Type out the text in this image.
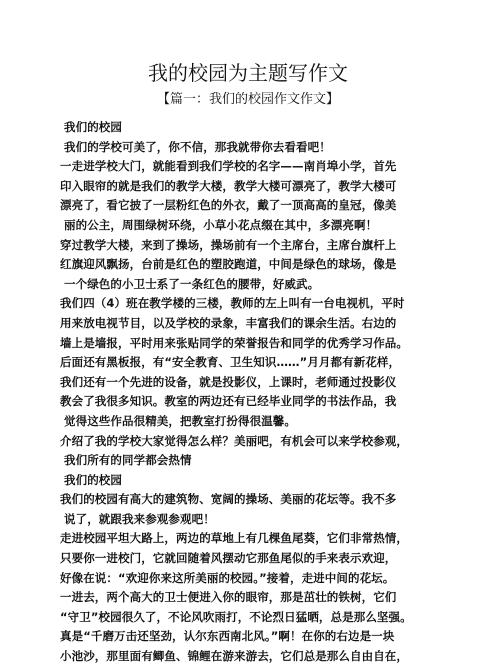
我的校园为主题写作文
【篇一：我们的校园作文作文】
我们的校园
我们的学校可美了，你不信，那我就带你去看看吧！
一走进学校大门，就能看到我们学校的名字——南肖埠小学，首先
印入眼帘的就是我们的教学大楼，教学大楼可漂亮了，教学大楼可
漂亮了，看它披了一层粉红色的外衣，戴了一顶高高的皇冠，像美
丽的公主，周围绿树环绕，小草小花点缀在其中，多漂亮啊！
穿过教学大楼，来到了操场，操场前有一个主席台，主席台旗杆上
红旗迎风飘扬，台前是红色的塑胶跑道，中间是绿色的球场，像是
一个绿色的小卫士系了一条红色的腰带，好威武。
我们四（4）班在教学楼的三楼，教师的左上叫有一台电视机，平时
用来放电视节目，以及学校的录象，丰富我们的课余生活。右边的
墙上是墙报，平时用来张贴同学的荣誉报告和同学的优秀学习作品。
后面还有黑板报，有“安全教育、卫生知识……”月月都有新花样，
我们还有一个先进的设备，就是投影仪，上课时，老师通过投影仪
教会了我很多知识。教室的两边还有已经毕业同学的书法作品，我
觉得这些作品很精美，把教室打扮得很温馨。
介绍了我的学校大家觉得怎么样？美丽吧，有机会可以来学校参观，
我们所有的同学都会热情
我们的校园
我们的校园有高大的建筑物、宽阔的操场、美丽的花坛等。我不多
说了，就跟我来参观参观吧！
走进校园平坦大路上，两边的草地上有几棵鱼尾葵，它们非常热情，
只要你一进校门，它就回随着风摆动它那鱼尾似的手来表示欢迎，
好像在说：“欢迎你来这所美丽的校园。”接着，走进中间的花坛。
一进去，两个高大的卫士便进入你的眼帘，那是茁壮的铁树，它们
“守卫”校园很久了，不论风吹雨打，不论烈日猛晒，总是那么坚强。
真是“千磨万击还坚劲，认尔东西南北风。”啊！在你的右边是一块
小池沙，那里面有鲫鱼、锦鲤在游来游去，它们总是那么自由自在，
